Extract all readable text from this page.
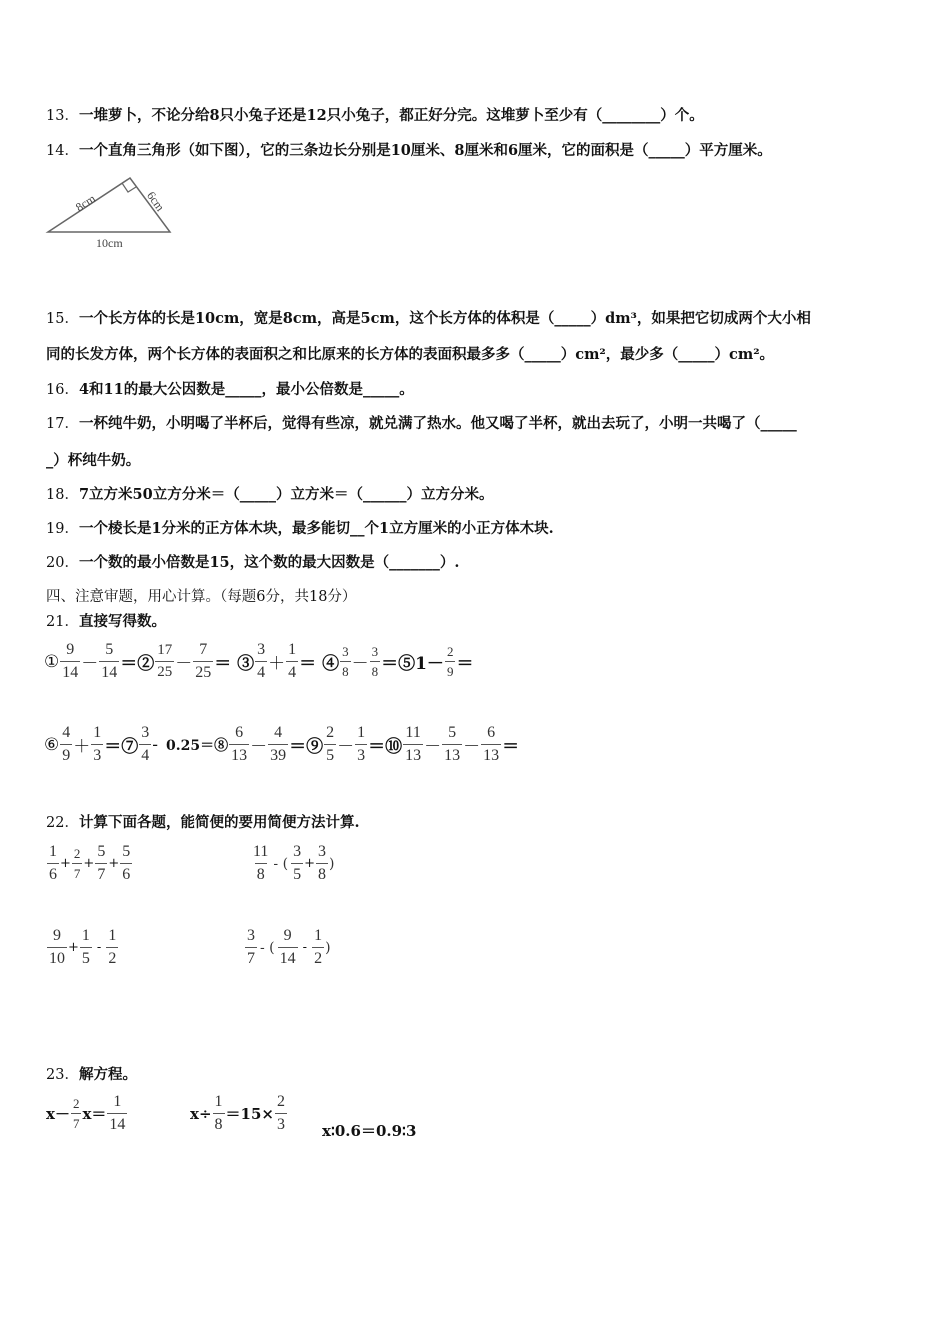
13．一堆萝卜，不论分给8只小兔子还是12只小兔子，都正好分完。这堆萝卜至少有（________）个。
14．一个直角三角形（如下图），它的三条边长分别是10厘米、8厘米和6厘米，它的面积是（_____）平方厘米。
8cm	6cm
10cm
15．一个长方体的长是10cm，宽是8cm，高是5cm，这个长方体的体积是（_____）dm³，如果把它切成两个大小相
同的长发方体，两个长方体的表面积之和比原来的长方体的表面积最多多（_____）cm²，最少多（_____）cm²。
16．4和11的最大公因数是_____，最小公倍数是_____。
17．一杯纯牛奶，小明喝了半杯后，觉得有些凉，就兑满了热水。他又喝了半杯，就出去玩了，小明一共喝了（_____
_）杯纯牛奶。
18．7立方米50立方分米＝（_____）立方米＝（______）立方分米。
19．一个棱长是1分米的正方体木块，最多能切__个1立方厘米的小正方体木块.
20．一个数的最小倍数是15，这个数的最大因数是（_______）.
四、注意审题，用心计算。（每题6分，共18分）
21．直接写得数。
① $\frac{9}{14} - \frac{5}{14}$ ＝② $\frac{17}{25} - \frac{7}{25}$ ＝ ③ $\frac{3}{4} + \frac{1}{4}$ ＝ ④ $\frac{3}{8} - \frac{3}{8}$ ＝⑤1－ $\frac{2}{9}$ ＝
⑥ $\frac{4}{9} + \frac{1}{3}$ ＝⑦ $\frac{3}{4}$ - 0.25＝⑧ $\frac{6}{13} - \frac{4}{39}$ ＝⑨ $\frac{2}{5} - \frac{1}{3}$ ＝⑩ $\frac{11}{13} - \frac{5}{13} - \frac{6}{13}$ ＝
22．计算下面各题，能简便的要用简便方法计算.
$\frac{1}{6} + \frac{2}{7} + \frac{5}{7} + \frac{5}{6}$	$\frac{11}{8}$ - ( $\frac{3}{5} + \frac{3}{8}$ )
$\frac{9}{10} + \frac{1}{5} - \frac{1}{2}$	$\frac{3}{7}$ - ( $\frac{9}{14} - \frac{1}{2}$ )
23．解方程。
$x- \frac{2}{7} x= \frac{1}{14}$	$x\div \frac{1}{8} =15\times \frac{2}{3}$ x∶0.6＝0.9∶3
